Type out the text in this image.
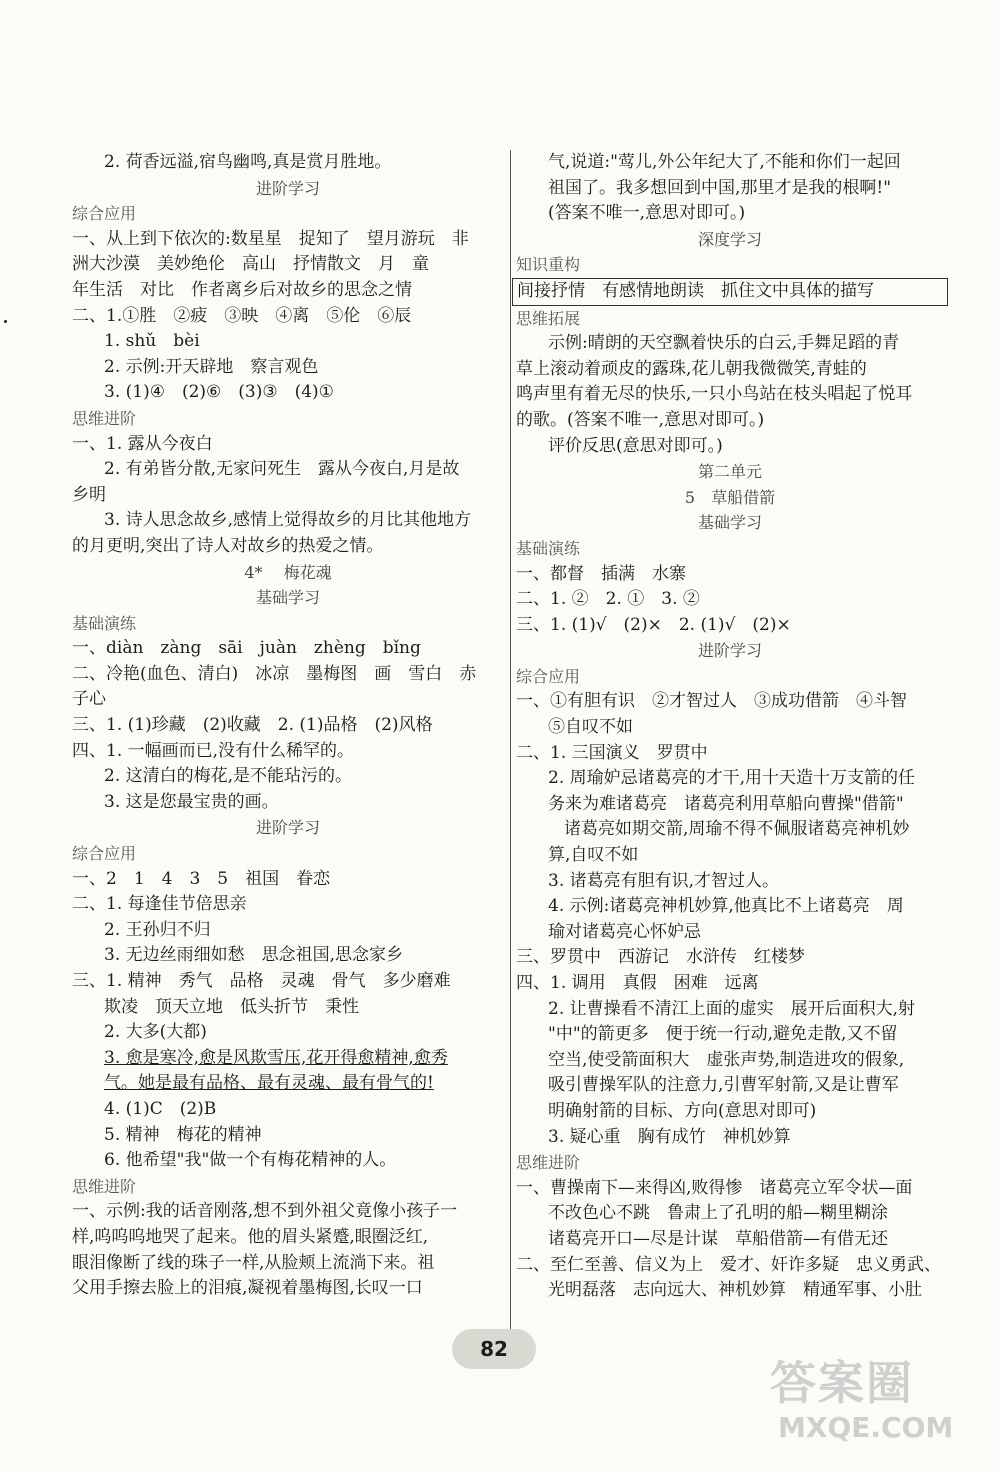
2. 荷香远溢,宿鸟幽鸣,真是赏月胜地。
进阶学习
综合应用
一、从上到下依次的:数星星　捉知了　望月游玩　非
洲大沙漠　美妙绝伦　高山　抒情散文　月　童
年生活　对比　作者离乡后对故乡的思念之情
二、1.①胜　②疲　③映　④离　⑤伦　⑥辰
1. shǔ　bèi
2. 示例:开天辟地　察言观色
3. (1)④　(2)⑥　(3)③　(4)①
思维进阶
一、1. 露从今夜白
2. 有弟皆分散,无家问死生　露从今夜白,月是故
乡明
3. 诗人思念故乡,感情上觉得故乡的月比其他地方
的月更明,突出了诗人对故乡的热爱之情。
4* 　梅花魂
基础学习
基础演练
一、diàn　zàng　sāi　juàn　zhèng　bǐng
二、冷艳(血色、清白)　冰凉　墨梅图　画　雪白　赤
子心
三、1. (1)珍藏　(2)收藏　2. (1)品格　(2)风格
四、1. 一幅画而已,没有什么稀罕的。
2. 这清白的梅花,是不能玷污的。
3. 这是您最宝贵的画。
进阶学习
综合应用
一、2　1　4　3　5　祖国　眷恋
二、1. 每逢佳节倍思亲
2. 王孙归不归
3. 无边丝雨细如愁　思念祖国,思念家乡
三、1. 精神　秀气　品格　灵魂　骨气　多少磨难
欺凌　顶天立地　低头折节　秉性
2. 大多(大都)
3. 愈是寒冷,愈是风欺雪压,花开得愈精神,愈秀
气。她是最有品格、最有灵魂、最有骨气的!
4. (1)C　(2)B
5. 精神　梅花的精神
6. 他希望"我"做一个有梅花精神的人。
思维进阶
一、示例:我的话音刚落,想不到外祖父竟像小孩子一
样,呜呜呜地哭了起来。他的眉头紧蹙,眼圈泛红,
眼泪像断了线的珠子一样,从脸颊上流淌下来。祖
父用手擦去脸上的泪痕,凝视着墨梅图,长叹一口
气,说道:"莺儿,外公年纪大了,不能和你们一起回
祖国了。我多想回到中国,那里才是我的根啊!"
(答案不唯一,意思对即可。)
深度学习
知识重构
间接抒情　有感情地朗读　抓住文中具体的描写
思维拓展
示例:晴朗的天空飘着快乐的白云,手舞足蹈的青
草上滚动着顽皮的露珠,花儿朝我微微笑,青蛙的
鸣声里有着无尽的快乐,一只小鸟站在枝头唱起了悦耳
的歌。(答案不唯一,意思对即可。)
评价反思(意思对即可。)
第二单元
5　草船借箭
基础学习
基础演练
一、都督　插满　水寨
二、1. ②　2. ①　3. ②
三、1. (1)√　(2)×　2. (1)√　(2)×
进阶学习
综合应用
一、①有胆有识　②才智过人　③成功借箭　④斗智
⑤自叹不如
二、1. 三国演义　罗贯中
2. 周瑜妒忌诸葛亮的才干,用十天造十万支箭的任
务来为难诸葛亮　诸葛亮利用草船向曹操"借箭"
诸葛亮如期交箭,周瑜不得不佩服诸葛亮神机妙
算,自叹不如
3. 诸葛亮有胆有识,才智过人。
4. 示例:诸葛亮神机妙算,他真比不上诸葛亮　周
瑜对诸葛亮心怀妒忌
三、罗贯中　西游记　水浒传　红楼梦
四、1. 调用　真假　困难　远离
2. 让曹操看不清江上面的虚实　展开后面积大,射
"中"的箭更多　便于统一行动,避免走散,又不留
空当,使受箭面积大　虚张声势,制造进攻的假象,
吸引曹操军队的注意力,引曹军射箭,又是让曹军
明确射箭的目标、方向(意思对即可)
3. 疑心重　胸有成竹　神机妙算
思维进阶
一、曹操南下—来得凶,败得惨　诸葛亮立军令状—面
不改色心不跳　鲁肃上了孔明的船—糊里糊涂
诸葛亮开口—尽是计谋　草船借箭—有借无还
二、至仁至善、信义为上　爱才、奸诈多疑　忠义勇武、
光明磊落　志向远大、神机妙算　精通军事、小肚
82
答案圈
MXQE.COM
